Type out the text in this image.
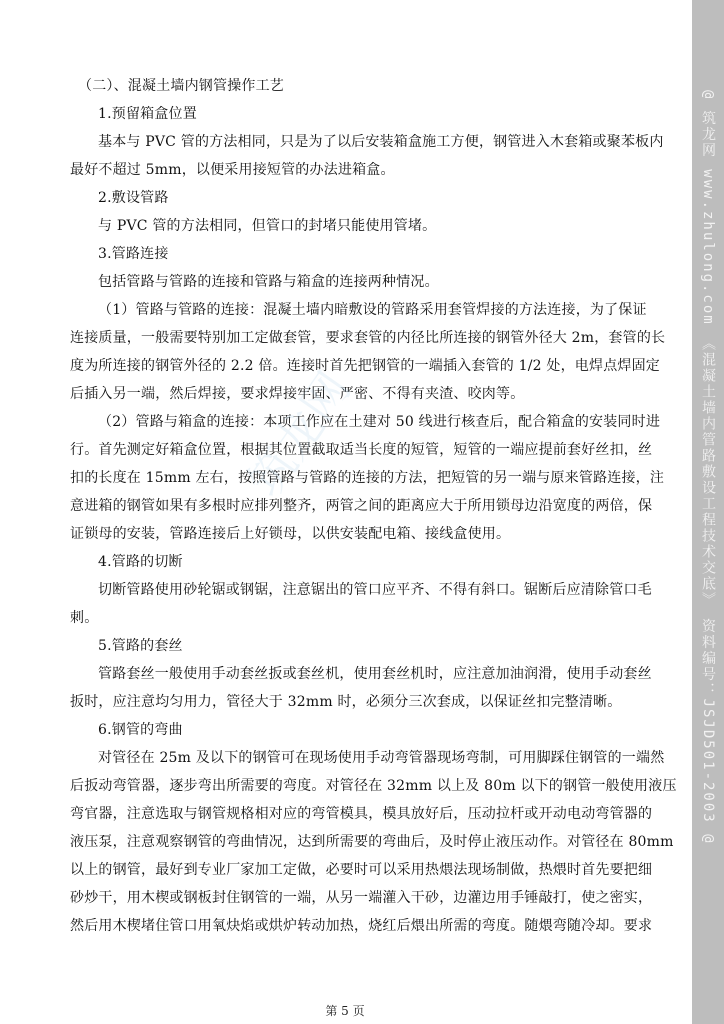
（二）、混凝土墙内钢管操作工艺
1.预留箱盒位置
基本与 PVC 管的方法相同，只是为了以后安装箱盒施工方便，钢管进入木套箱或聚苯板内
最好不超过 5mm，以便采用接短管的办法进箱盒。
2.敷设管路
与 PVC 管的方法相同，但管口的封堵只能使用管堵。
3.管路连接
包括管路与管路的连接和管路与箱盒的连接两种情况。
（1）管路与管路的连接：混凝土墙内暗敷设的管路采用套管焊接的方法连接，为了保证
连接质量，一般需要特别加工定做套管，要求套管的内径比所连接的钢管外径大 2m，套管的长
度为所连接的钢管外径的 2.2 倍。连接时首先把钢管的一端插入套管的 1/2 处，电焊点焊固定
后插入另一端，然后焊接，要求焊接牢固、严密、不得有夹渣、咬肉等。
（2）管路与箱盒的连接：本项工作应在土建对 50 线进行核查后，配合箱盒的安装同时进
行。首先测定好箱盒位置，根据其位置截取适当长度的短管，短管的一端应提前套好丝扣，丝
扣的长度在 15mm 左右，按照管路与管路的连接的方法，把短管的另一端与原来管路连接，注
意进箱的钢管如果有多根时应排列整齐，两管之间的距离应大于所用锁母边沿宽度的两倍，保
证锁母的安装，管路连接后上好锁母，以供安装配电箱、接线盒使用。
4.管路的切断
切断管路使用砂轮锯或钢锯，注意锯出的管口应平齐、不得有斜口。锯断后应清除管口毛
刺。
5.管路的套丝
管路套丝一般使用手动套丝扳或套丝机，使用套丝机时，应注意加油润滑，使用手动套丝
扳时，应注意均匀用力，管径大于 32mm 时，必须分三次套成，以保证丝扣完整清晰。
6.钢管的弯曲
对管径在 25m 及以下的钢管可在现场使用手动弯管器现场弯制，可用脚踩住钢管的一端然
后扳动弯管器，逐步弯出所需要的弯度。对管径在 32mm 以上及 80m 以下的钢管一般使用液压
弯官器，注意选取与钢管规格相对应的弯管模具，模具放好后，压动拉杆或开动电动弯管器的
液压泵，注意观察钢管的弯曲情况，达到所需要的弯曲后，及时停止液压动作。对管径在 80mm
以上的钢管，最好到专业厂家加工定做，必要时可以采用热煨法现场制做，热煨时首先要把细
砂炒干，用木楔或钢板封住钢管的一端，从另一端灌入干砂，边灌边用手锤敲打，使之密实，
然后用木楔堵住管口用氧炔焰或烘炉转动加热，烧红后煨出所需的弯度。随煨弯随冷却。要求
筑龙网
第 5 页
@ 筑龙网 www.zhulong.com 《混凝土墙内管路敷设工程技术交底》 资料编号：JSJD501-2003 @
